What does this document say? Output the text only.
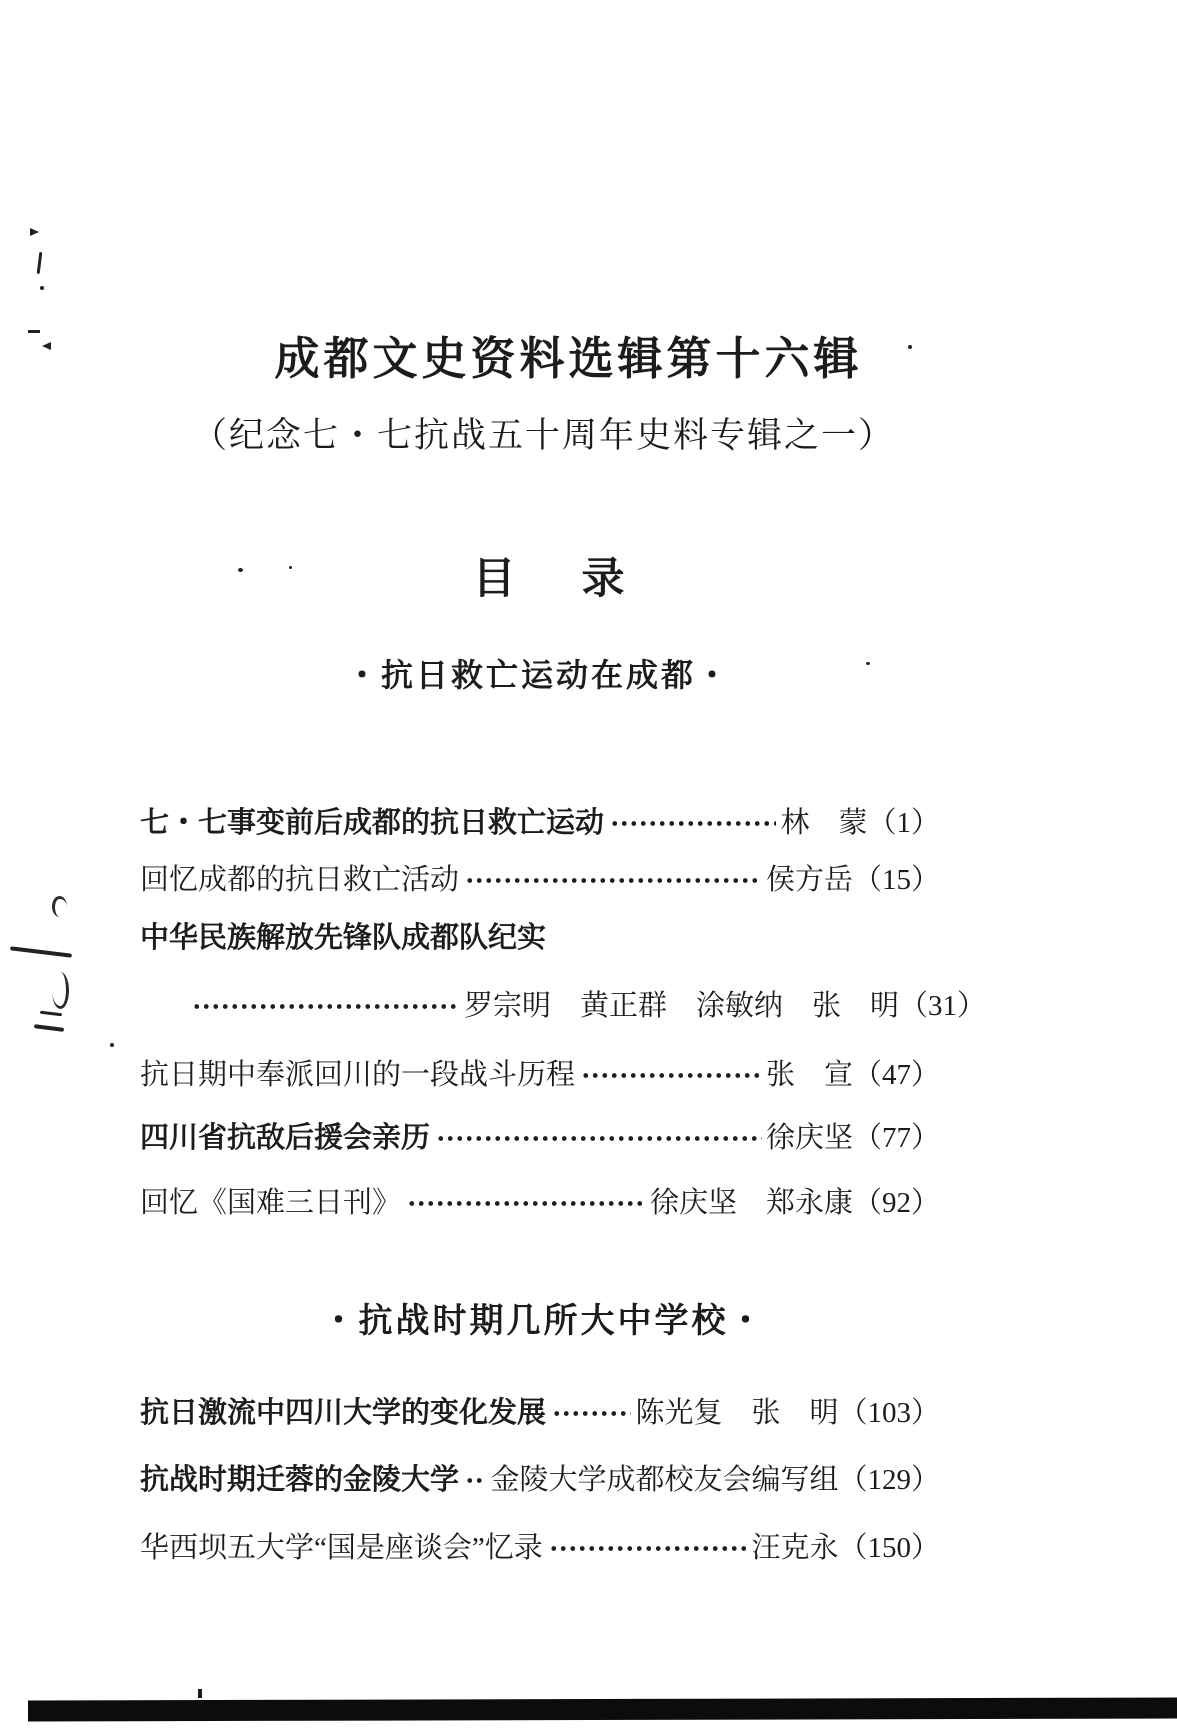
成都文史资料选辑第十六辑
（纪念七・七抗战五十周年史料专辑之一）
目 录
・抗日救亡运动在成都・
七・七事变前后成都的抗日救亡运动	林　蒙 （1）
回忆成都的抗日救亡活动	侯方岳 （15）
中华民族解放先锋队成都队纪实
罗宗明　黄正群　涂敏纳　张　明 （31）
抗日期中奉派回川的一段战斗历程	张　宣 （47）
四川省抗敌后援会亲历	徐庆坚 （77）
回忆《国难三日刊》	徐庆坚　郑永康 （92）
・抗战时期几所大中学校・
抗日激流中四川大学的变化发展	陈光复　张　明 （103）
抗战时期迁蓉的金陵大学 金陵大学成都校友会编写组 （129）
华西坝五大学“国是座谈会”忆录	汪克永 （150）
